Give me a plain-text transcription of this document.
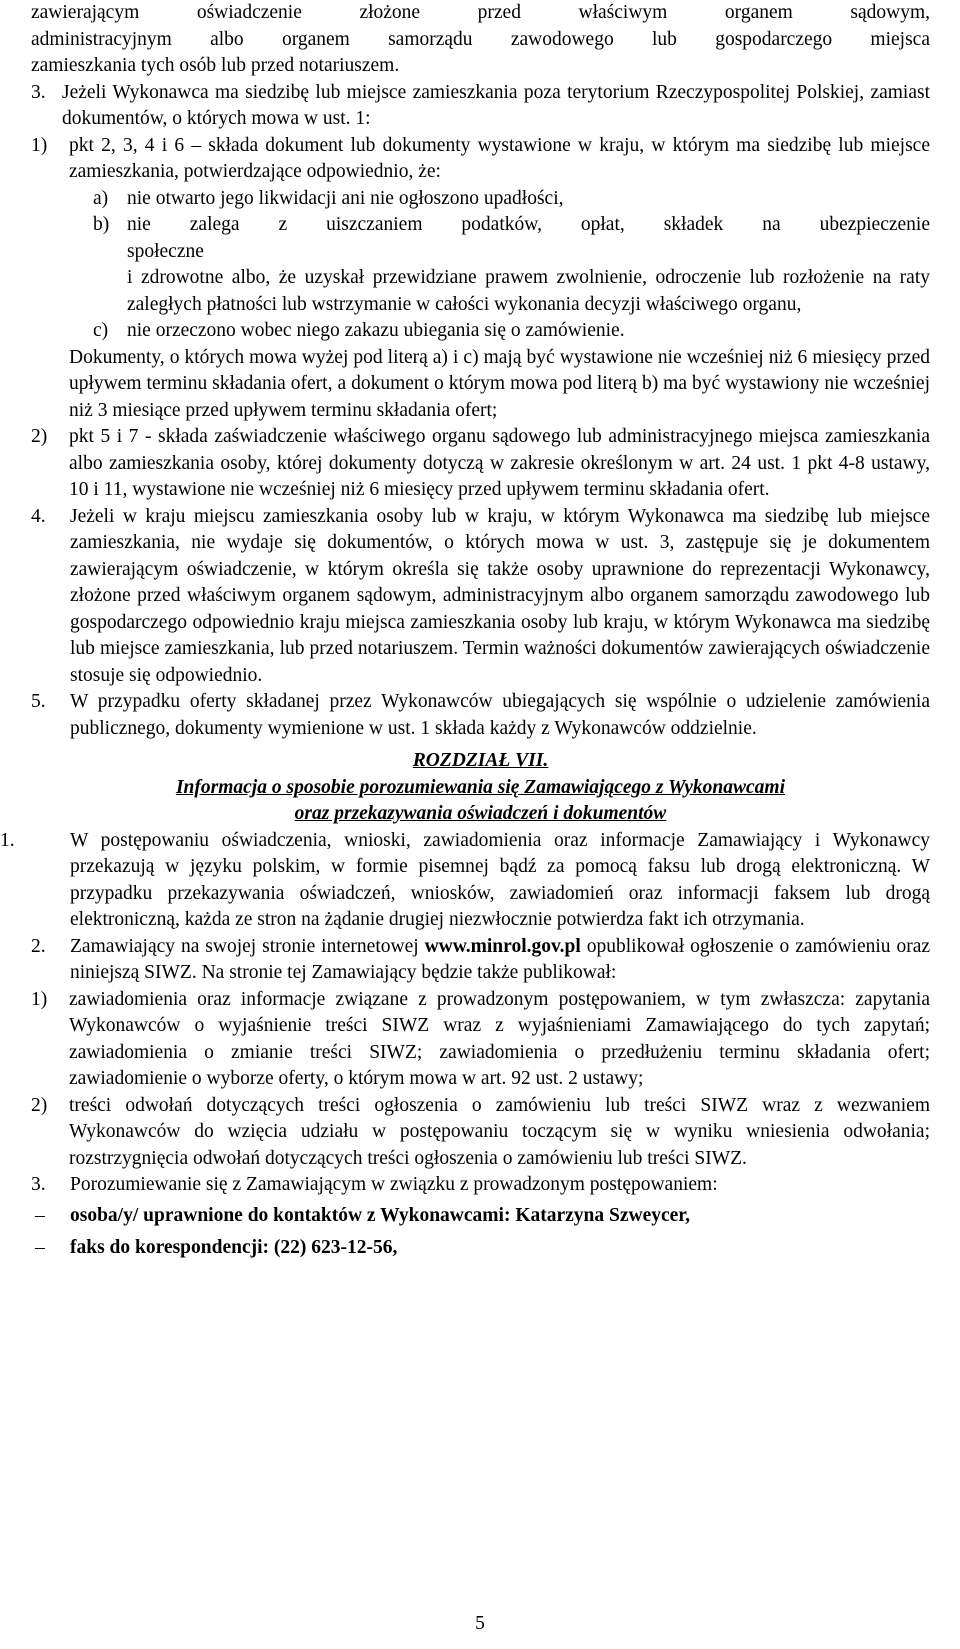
zawierającym oświadczenie złożone przed właściwym organem sądowym,

administracyjnym albo organem samorządu zawodowego lub gospodarczego miejsca

zamieszkania tych osób lub przed notariuszem.

3. Jeżeli Wykonawca ma siedzibę lub miejsce zamieszkania poza terytorium Rzeczypospolitej Polskiej, zamiast dokumentów, o których mowa w ust. 1:

1)	pkt 2, 3, 4 i 6 – składa dokument lub dokumenty wystawione w kraju, w którym ma siedzibę lub miejsce zamieszkania, potwierdzające odpowiednio, że:

a) nie otwarto jego likwidacji ani nie ogłoszono upadłości,

b) nie zalega z uiszczaniem podatków, opłat, składek na ubezpieczenie

społeczne

i zdrowotne albo, że uzyskał przewidziane prawem zwolnienie, odroczenie lub rozłożenie na raty zaległych płatności lub wstrzymanie w całości wykonania decyzji właściwego organu,

c) nie orzeczono wobec niego zakazu ubiegania się o zamówienie.

Dokumenty, o których mowa wyżej pod literą a) i c) mają być wystawione nie wcześniej niż 6 miesięcy przed upływem terminu składania ofert, a dokument o którym mowa pod literą b) ma być wystawiony nie wcześniej niż 3 miesiące przed upływem terminu składania ofert;

2)	pkt 5 i 7 - składa zaświadczenie właściwego organu sądowego lub administracyjnego miejsca zamieszkania albo zamieszkania osoby, której dokumenty dotyczą w zakresie określonym w art. 24 ust. 1 pkt 4-8 ustawy, 10 i 11, wystawione nie wcześniej niż 6 miesięcy przed upływem terminu składania ofert.

4.	Jeżeli w kraju miejscu zamieszkania osoby lub w kraju, w którym Wykonawca ma siedzibę lub miejsce zamieszkania, nie wydaje się dokumentów, o których mowa w ust. 3, zastępuje się je dokumentem zawierającym oświadczenie, w którym określa się także osoby uprawnione do reprezentacji Wykonawcy, złożone przed właściwym organem sądowym, administracyjnym albo organem samorządu zawodowego lub gospodarczego odpowiednio kraju miejsca zamieszkania osoby lub kraju, w którym Wykonawca ma siedzibę lub miejsce zamieszkania, lub przed notariuszem. Termin ważności dokumentów zawierających oświadczenie stosuje się odpowiednio.

5.	W przypadku oferty składanej przez Wykonawców ubiegających się wspólnie o udzielenie zamówienia publicznego, dokumenty wymienione w ust. 1 składa każdy z Wykonawców oddzielnie.

ROZDZIAŁ VII.

Informacja o sposobie porozumiewania się Zamawiającego z Wykonawcami

oraz przekazywania oświadczeń i dokumentów

1.	W postępowaniu oświadczenia, wnioski, zawiadomienia oraz informacje Zamawiający i Wykonawcy przekazują w języku polskim, w formie pisemnej bądź za pomocą faksu lub drogą elektroniczną. W przypadku przekazywania oświadczeń, wniosków, zawiadomień oraz informacji faksem lub drogą elektroniczną, każda ze stron na żądanie drugiej niezwłocznie potwierdza fakt ich otrzymania.

2.	Zamawiający na swojej stronie internetowej www.minrol.gov.pl opublikował ogłoszenie o zamówieniu oraz niniejszą SIWZ. Na stronie tej Zamawiający będzie także publikował:

1)	zawiadomienia oraz informacje związane z prowadzonym postępowaniem, w tym zwłaszcza: zapytania Wykonawców o wyjaśnienie treści SIWZ wraz z wyjaśnieniami Zamawiającego do tych zapytań; zawiadomienia o zmianie treści SIWZ; zawiadomienia o przedłużeniu terminu składania ofert; zawiadomienie o wyborze oferty, o którym mowa w art. 92 ust. 2 ustawy;

2)	treści odwołań dotyczących treści ogłoszenia o zamówieniu lub treści SIWZ wraz z wezwaniem Wykonawców do wzięcia udziału w postępowaniu toczącym się w wyniku wniesienia odwołania; rozstrzygnięcia odwołań dotyczących treści ogłoszenia o zamówieniu lub treści SIWZ.

3.	Porozumiewanie się z Zamawiającym w związku z prowadzonym postępowaniem:

–	osoba/y/ uprawnione do kontaktów z Wykonawcami: Katarzyna Szweycer,

–	faks do korespondencji: (22) 623-12-56,

5
